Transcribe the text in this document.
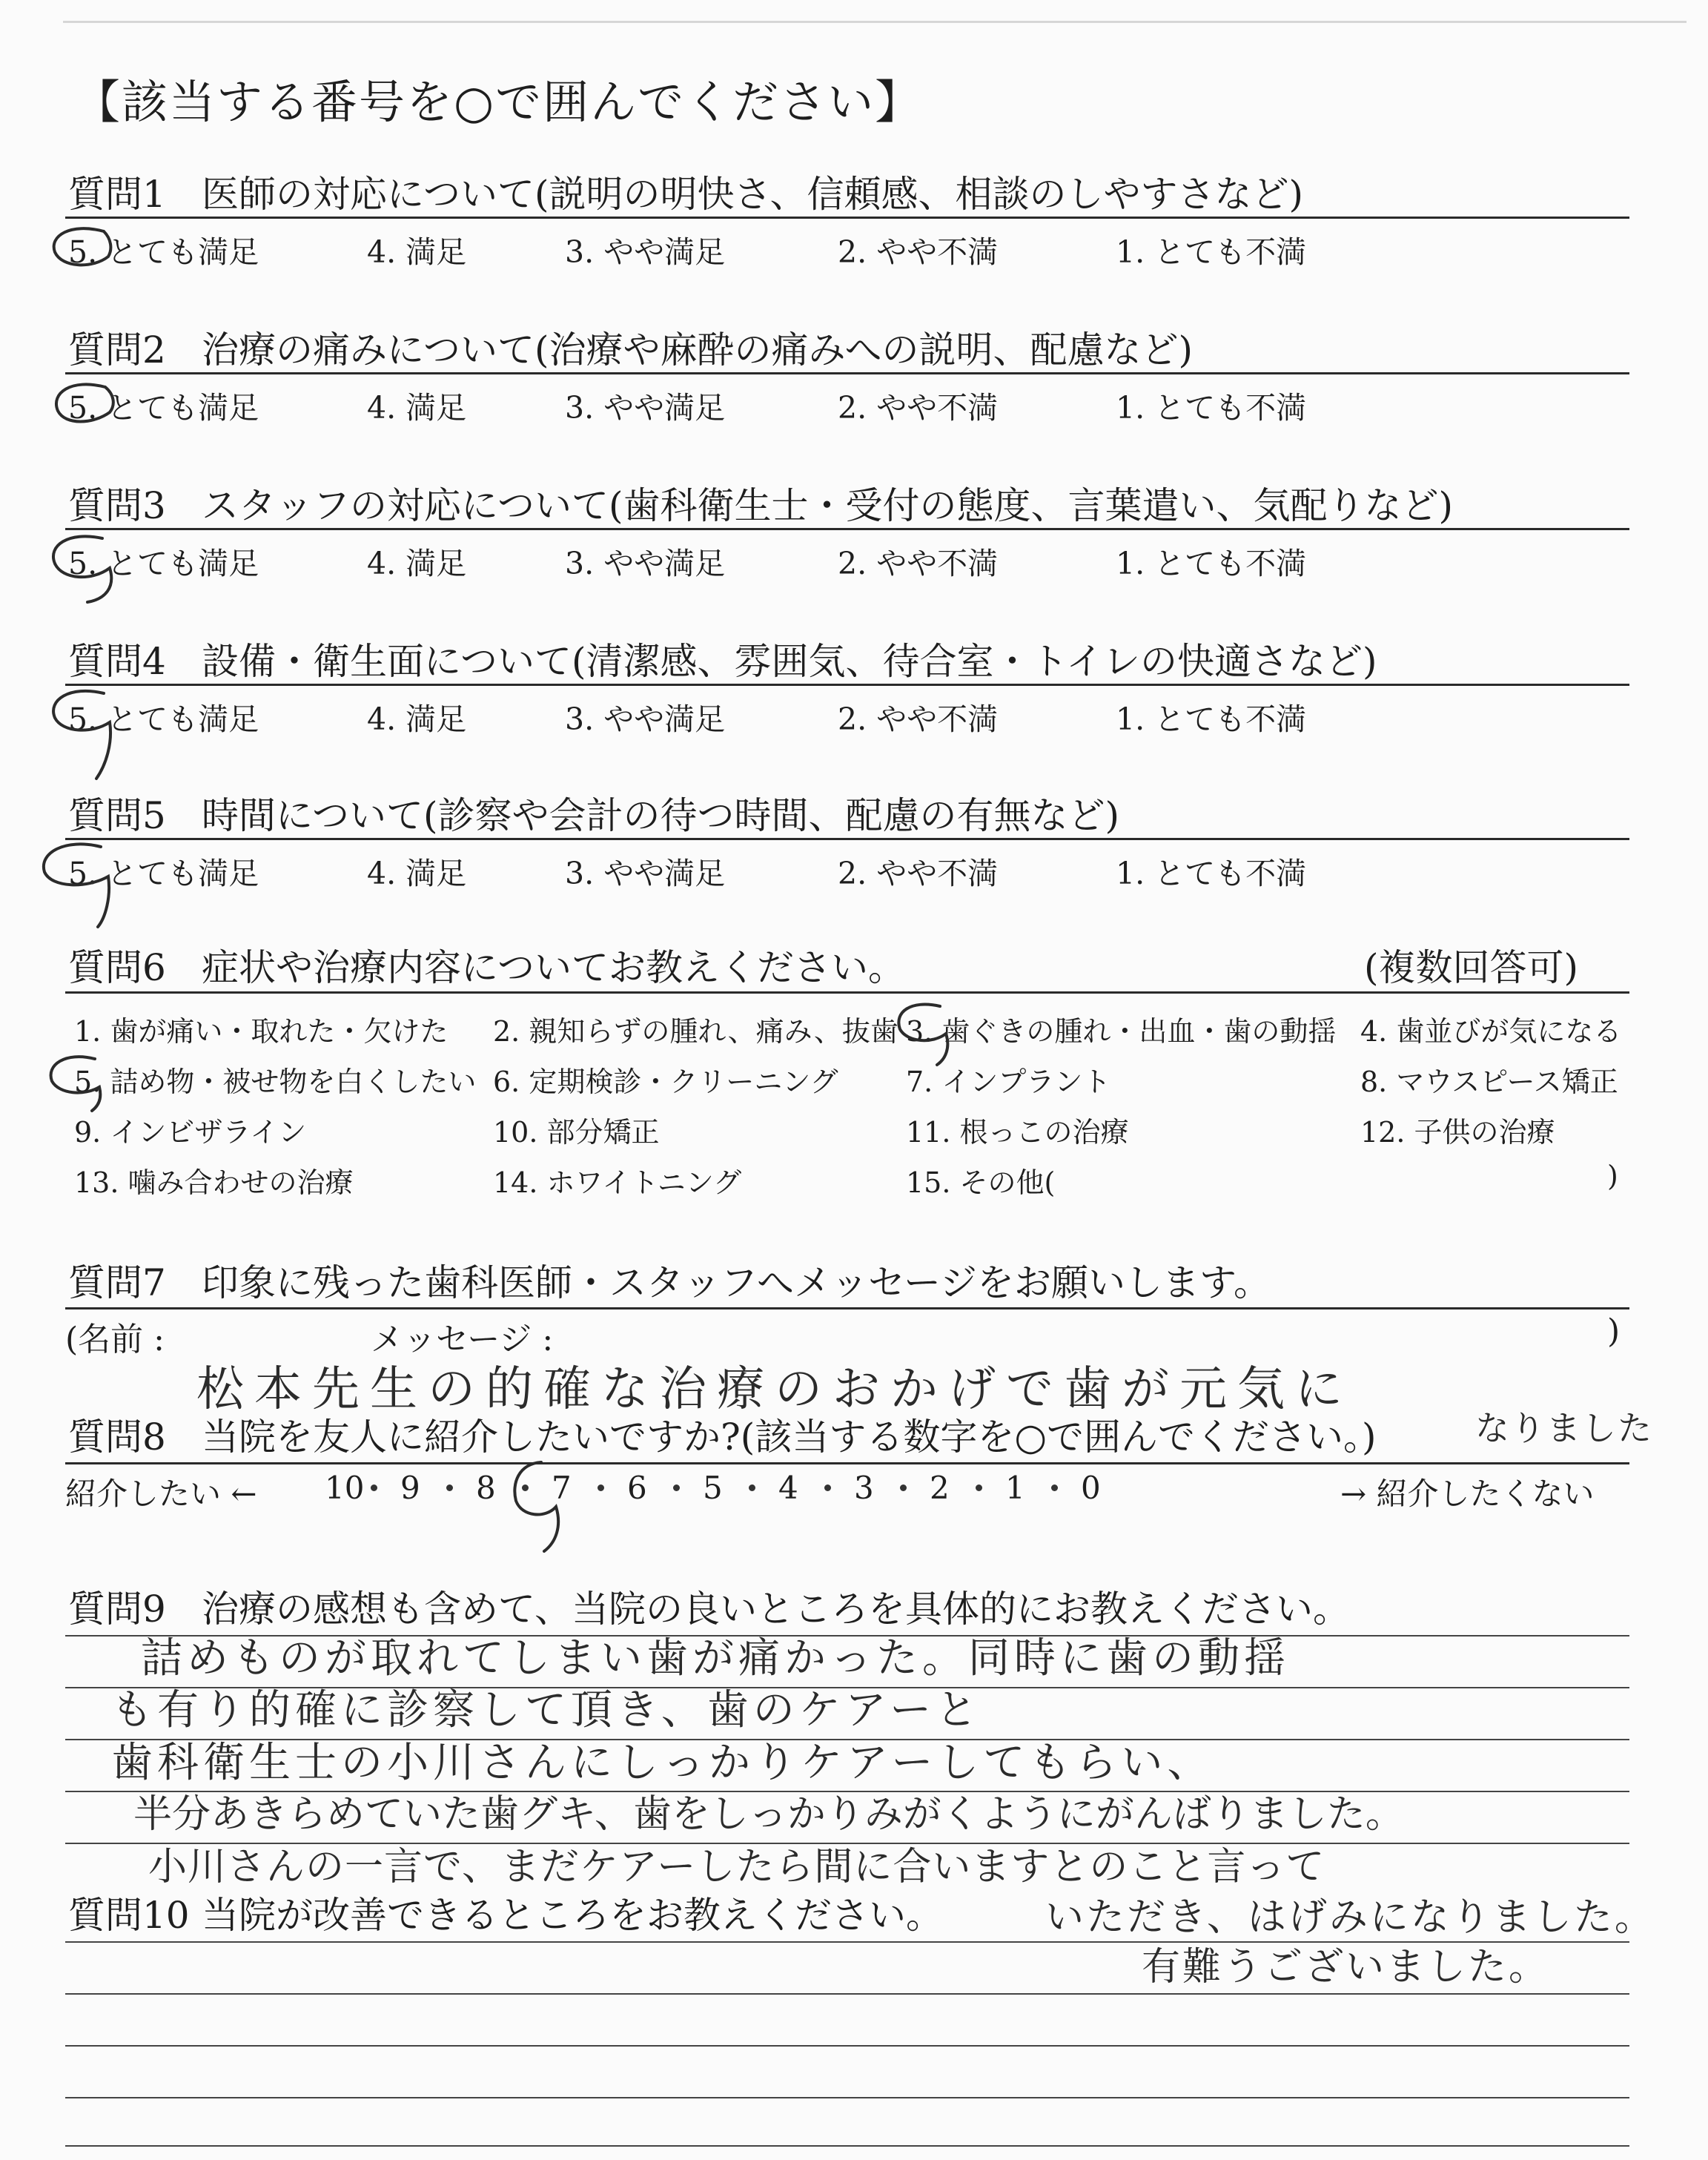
【該当する番号を○で囲んでください】
質問1 医師の対応について(説明の明快さ、信頼感、相談のしやすさなど)
5. とても満足	4. 満足	3. やや満足	2. やや不満	1. とても不満
質問2 治療の痛みについて(治療や麻酔の痛みへの説明、配慮など)
5. とても満足	4. 満足	3. やや満足	2. やや不満	1. とても不満
質問3 スタッフの対応について(歯科衛生士・受付の態度、言葉遣い、気配りなど)
5. とても満足	4. 満足	3. やや満足	2. やや不満	1. とても不満
質問4 設備・衛生面について(清潔感、雰囲気、待合室・トイレの快適さなど)
5. とても満足	4. 満足	3. やや満足	2. やや不満	1. とても不満
質問5 時間について(診察や会計の待つ時間、配慮の有無など)
5. とても満足	4. 満足	3. やや満足	2. やや不満	1. とても不満
質問6 症状や治療内容についてお教えください。	(複数回答可)
1. 歯が痛い・取れた・欠けた 2. 親知らずの腫れ、痛み、抜歯 3. 歯ぐきの腫れ・出血・歯の動揺 4. 歯並びが気になる
5. 詰め物・被せ物を白くしたい 6. 定期検診・クリーニング 7. インプラント	8. マウスピース矯正
9. インビザライン	10. 部分矯正	11. 根っこの治療	12. 子供の治療
13. 噛み合わせの治療	14. ホワイトニング	15. その他(	)
質問7 印象に残った歯科医師・スタッフへメッセージをお願いします。
(名前 :	メッセージ :	)
松本先生の的確な治療のおかげで歯が元気に
質問8 当院を友人に紹介したいですか?(該当する数字を○で囲んでください。)	なりました
紹介したい ← 10 9 8 7 6 5 4 3 2 1 0	→ 紹介したくない
質問9 治療の感想も含めて、当院の良いところを具体的にお教えください。
詰めものが取れてしまい歯が痛かった。同時に歯の動揺
も有り的確に診察して頂き、歯のケアーと
歯科衛生士の小川さんにしっかりケアーしてもらい、
半分あきらめていた歯グキ、歯をしっかりみがくようにがんばりました。
小川さんの一言で、まだケアーしたら間に合いますとのこと言って
質問10 当院が改善できるところをお教えください。	いただき、はげみになりました。
有難うございました。
